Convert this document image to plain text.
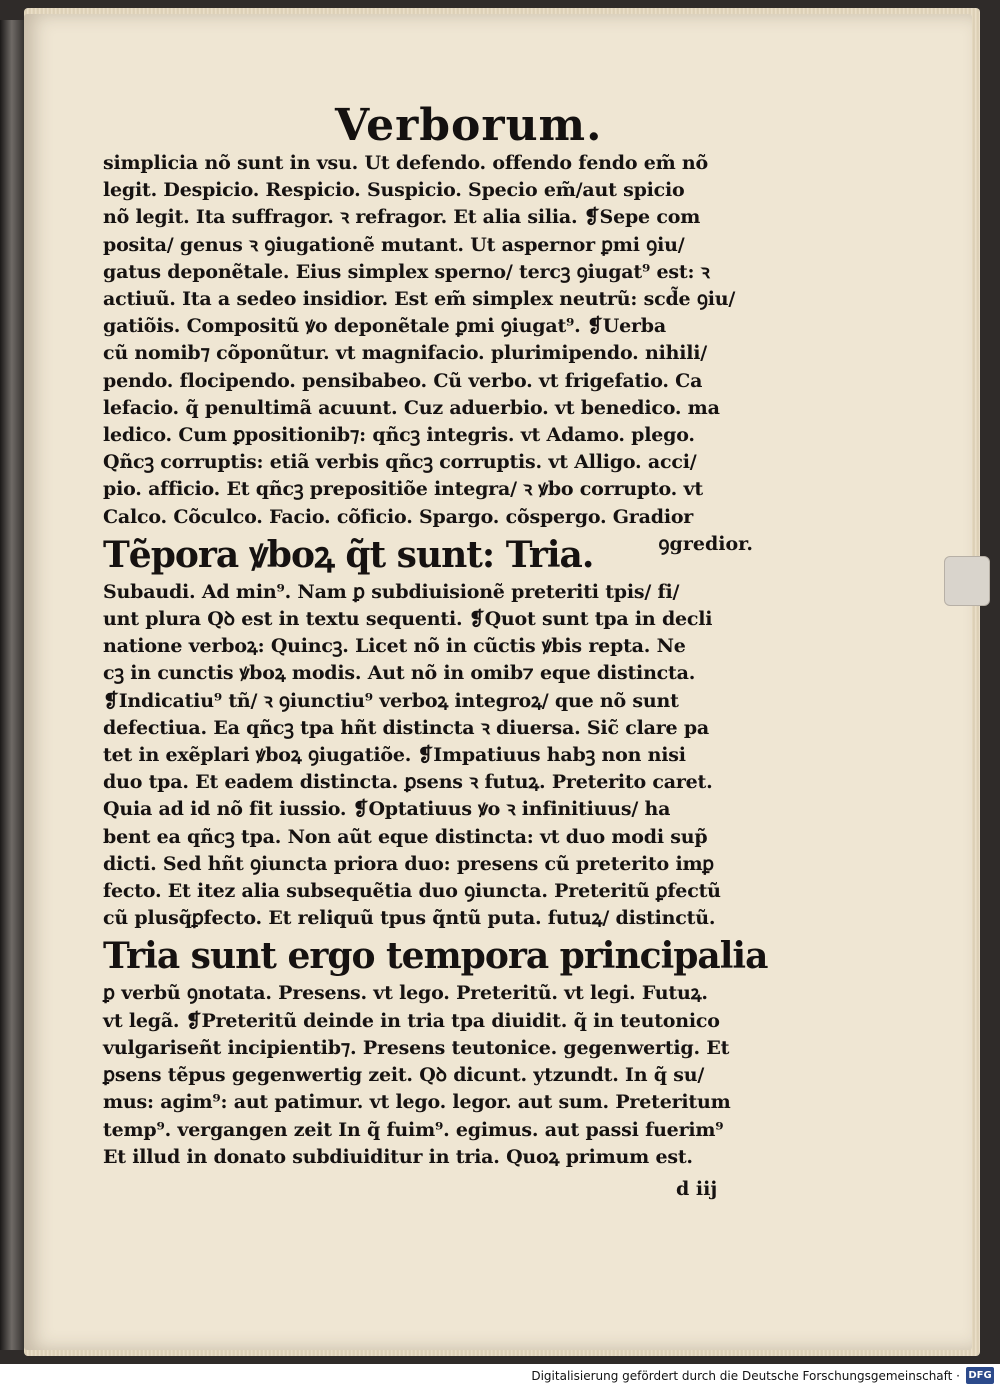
Verborum.
simplicia nõ sunt in vsu. Ut defendo. offendo fendo em̃ nõ
legit. Despicio. Respicio. Suspicio. Specio em̃/aut spicio
nõ legit. Ita suffragor. ꝛ refragor. Et alia silia. ❡Sepe com
posita/ genus ꝛ ꝯiugationẽ mutant. Ut aspernor ꝑmi ꝯiu/
gatus deponẽtale. Eius simplex sperno/ tercꝫ ꝯiugat⁹ est: ꝛ
actiuũ. Ita a sedeo insidior. Est em̃ simplex neutrũ: scd̃e ꝯiu/
gatiõis. Compositũ ꝟo deponẽtale ꝑmi ꝯiugat⁹. ❡Uerba
cũ nomib⁊ cõponũtur. vt magnifacio. plurimipendo. nihili/
pendo. flocipendo. pensibabeo. Cũ verbo. vt frigefatio. Ca
lefacio. q̃ penultimã acuunt. Cuz aduerbio. vt benedico. ma
ledico. Cum ꝑpositionib⁊: qñcꝫ integris. vt Adamo. plego.
Qñcꝫ corruptis: etiã verbis qñcꝫ corruptis. vt Alligo. acci/
pio. afficio. Et qñcꝫ prepositiõe integra/ ꝛ ꝟbo corrupto. vt
Calco. Cõculco. Facio. cõficio. Spargo. cõspergo. Gradior
Tẽpora ꝟboꝝ q̃t sunt: Tria.	ꝯgredior.
Subaudi. Ad min⁹. Nam ꝑ subdiuisionẽ preteriti tpis/ fi/
unt plura Qꝺ est in textu sequenti. ❡Quot sunt tpa in decli
natione verboꝝ: Quincꝫ. Licet nõ in cũctis ꝟbis repta. Ne
cꝫ in cunctis ꝟboꝝ modis. Aut nõ in omib⁊ eque distincta.
❡Indicatiu⁹ tñ/ ꝛ ꝯiunctiu⁹ verboꝝ integroꝝ/ que nõ sunt
defectiua. Ea qñcꝫ tpa hñt distincta ꝛ diuersa. Sic̃ clare pa
tet in exẽplari ꝟboꝝ ꝯiugatiõe. ❡Impatiuus habꝫ non nisi
duo tpa. Et eadem distincta. ꝑsens ꝛ futuꝝ. Preterito caret.
Quia ad id nõ fit iussio. ❡Optatiuus ꝟo ꝛ infinitiuus/ ha
bent ea qñcꝫ tpa. Non aũt eque distincta: vt duo modi sup̃
dicti. Sed hñt ꝯiuncta priora duo: presens cũ preterito imꝑ
fecto. Et itez alia subsequẽtia duo ꝯiuncta. Preteritũ ꝑfectũ
cũ plusq̃ꝑfecto. Et reliquũ tpus q̃ntũ puta. futuꝝ/ distinctũ.
Tria sunt ergo tempora principalia
ꝑ verbũ ꝯnotata. Presens. vt lego. Preteritũ. vt legi. Futuꝝ.
vt legã. ❡Preteritũ deinde in tria tpa diuidit. q̃ in teutonico
vulgariseñt incipientib⁊. Presens teutonice. gegenwertig. Et
ꝑsens tẽpus gegenwertig zeit. Qꝺ dicunt. ytzundt. In q̃ su/
mus: agim⁹: aut patimur. vt lego. legor. aut sum. Preteritum
temp⁹. vergangen zeit In q̃ fuim⁹. egimus. aut passi fuerim⁹
Et illud in donato subdiuiditur in tria. Quoꝝ primum est.
d iij
Digitalisierung gefördert durch die Deutsche Forschungsgemeinschaft · DFG
